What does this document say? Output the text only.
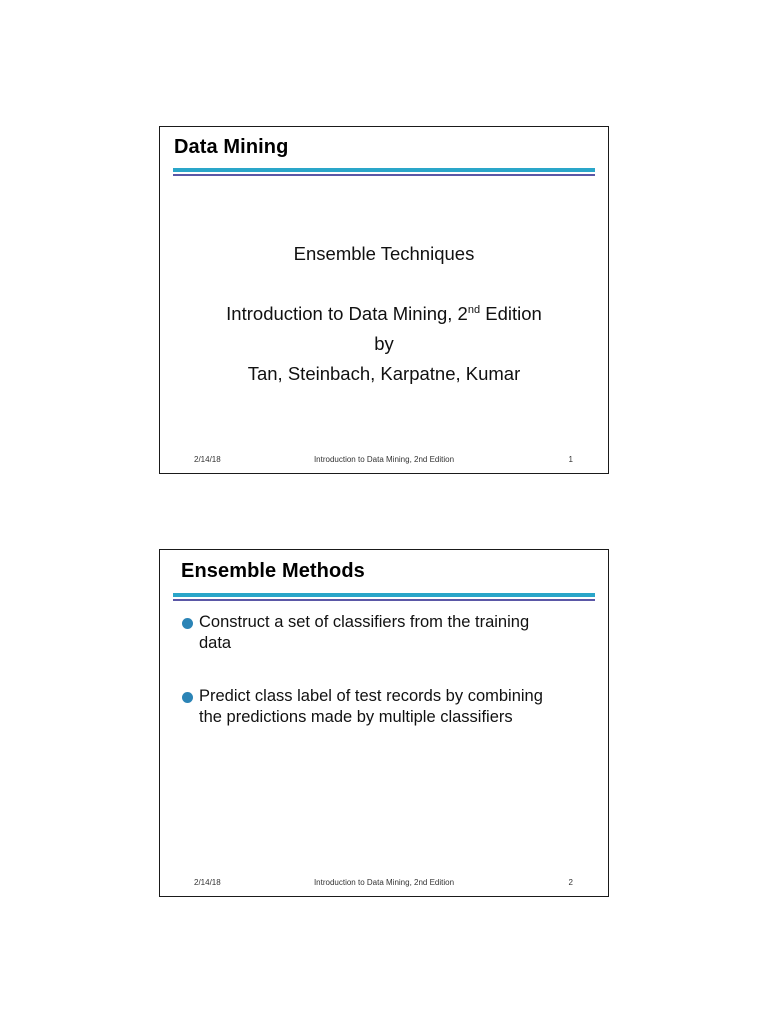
Data Mining
Ensemble Techniques
Introduction to Data Mining, 2nd Edition
by
Tan, Steinbach, Karpatne, Kumar
2/14/18	Introduction to Data Mining, 2nd Edition	1
Ensemble Methods
Construct a set of classifiers from the training
data
Predict class label of test records by combining
the predictions made by multiple classifiers
2/14/18	Introduction to Data Mining, 2nd Edition	2
